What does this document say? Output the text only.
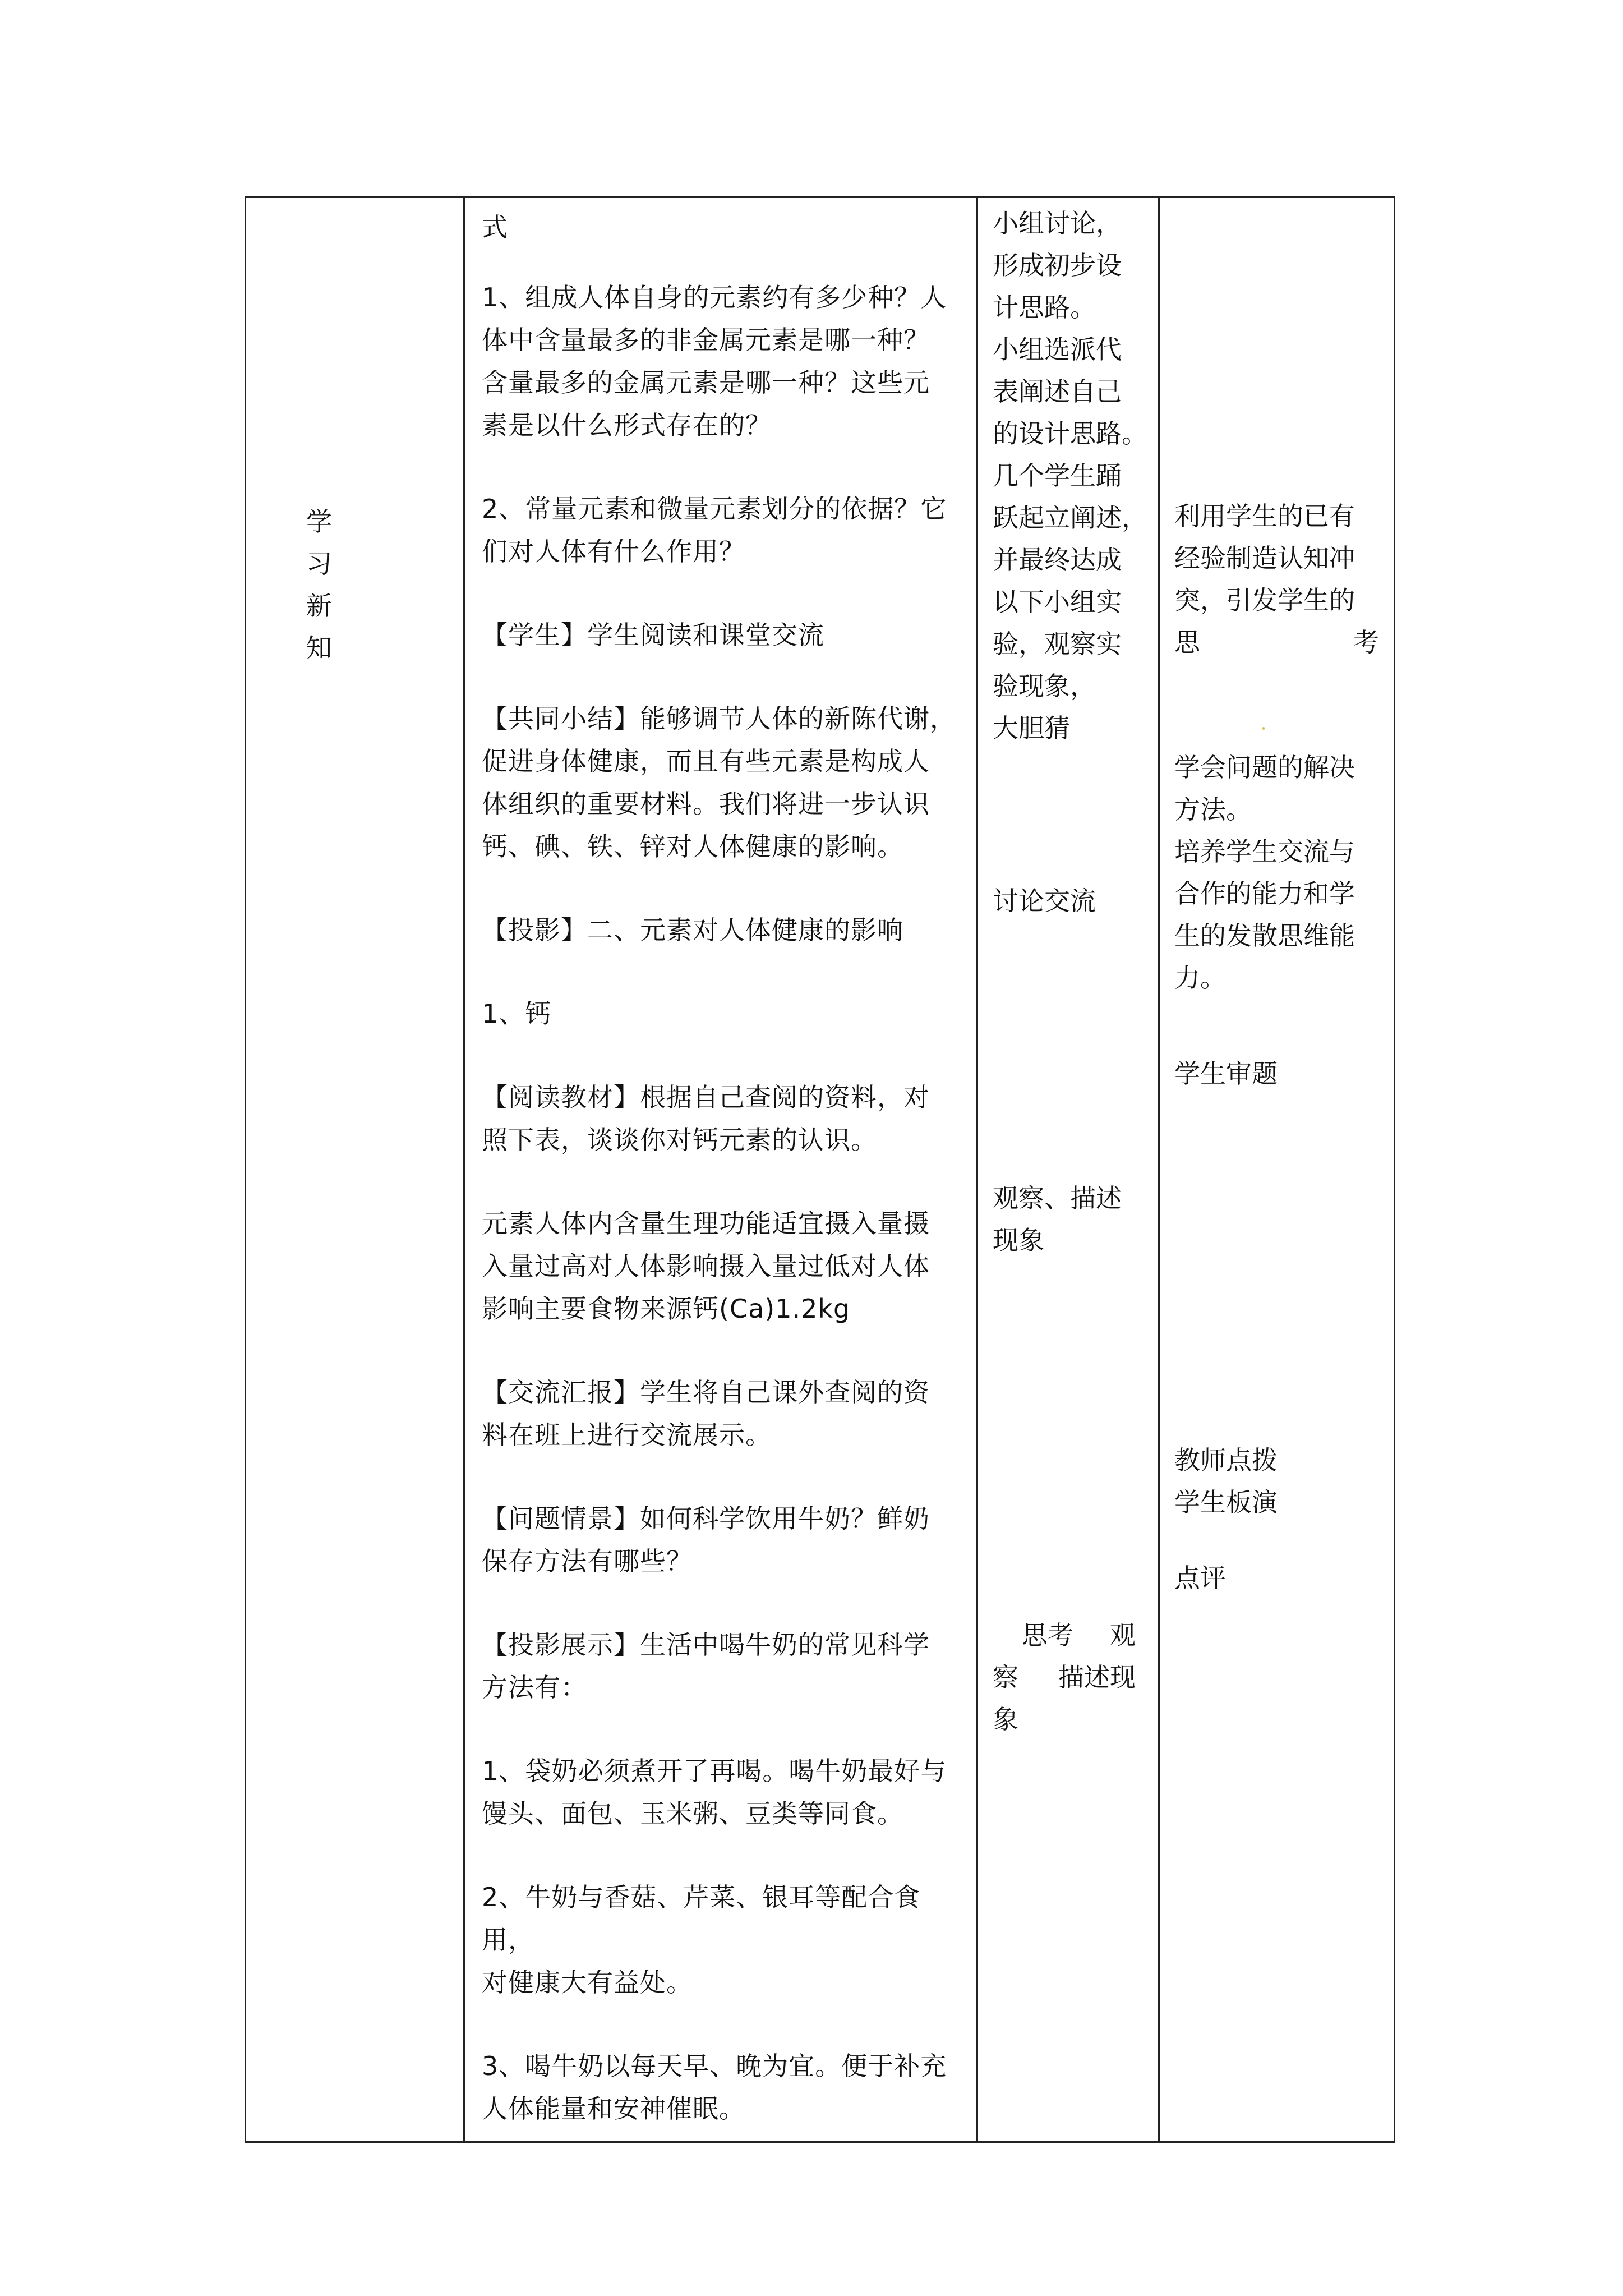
学
习
新
知

式

1、组成人体自身的元素约有多少种？人

体中含量最多的非金属元素是哪一种？

含量最多的金属元素是哪一种？这些元

素是以什么形式存在的？

2、常量元素和微量元素划分的依据？它

们对人体有什么作用？

【学生】学生阅读和课堂交流

【共同小结】能够调节人体的新陈代谢，

促进身体健康，而且有些元素是构成人

体组织的重要材料。我们将进一步认识

钙、碘、铁、锌对人体健康的影响。

【投影】二、元素对人体健康的影响

1、钙

【阅读教材】根据自己查阅的资料，对

照下表，谈谈你对钙元素的认识。

元素人体内含量生理功能适宜摄入量摄

入量过高对人体影响摄入量过低对人体

影响主要食物来源钙(Ca)1.2kg

【交流汇报】学生将自己课外查阅的资

料在班上进行交流展示。

【问题情景】如何科学饮用牛奶？鲜奶

保存方法有哪些？

【投影展示】生活中喝牛奶的常见科学

方法有：

1、袋奶必须煮开了再喝。喝牛奶最好与

馒头、面包、玉米粥、豆类等同食。

2、牛奶与香菇、芹菜、银耳等配合食用，

对健康大有益处。

3、喝牛奶以每天早、晚为宜。便于补充

人体能量和安神催眠。

小组讨论，

形成初步设

计思路。

小组选派代

表阐述自己

的设计思路。

几个学生踊

跃起立阐述，

并最终达成

以下小组实

验，观察实

验现象，

大胆猜

讨论交流

观察、描述

现象

思考 观

察 描述现

象

利用学生的已有

经验制造认知冲

突，引发学生的

思	考

学会问题的解决

方法。

培养学生交流与

合作的能力和学

生的发散思维能

力。

学生审题

教师点拨

学生板演

点评
